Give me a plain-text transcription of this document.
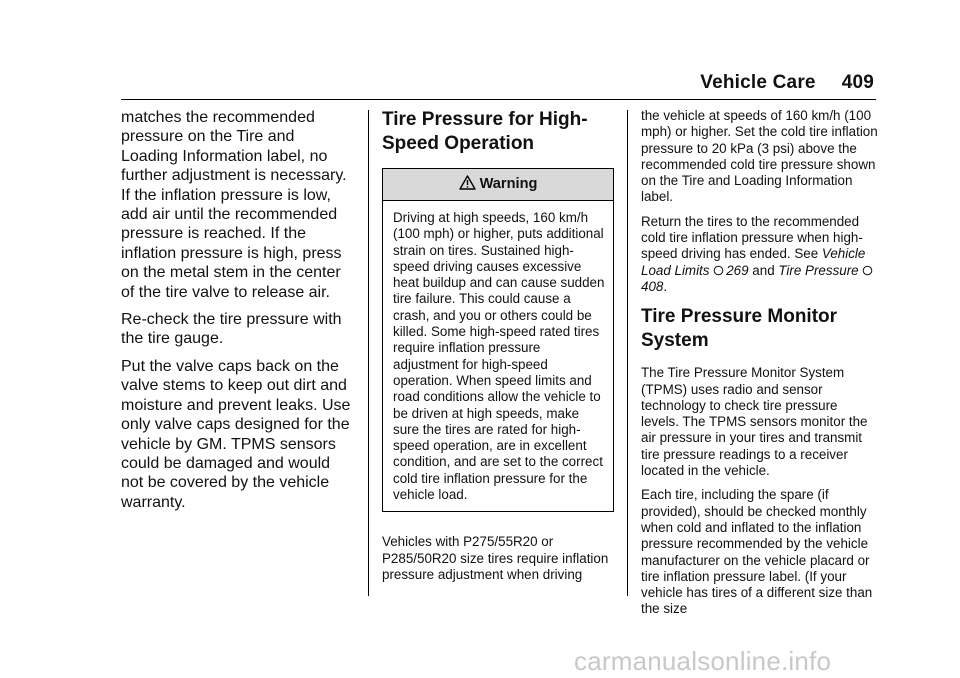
Vehicle Care 409

matches the recommended pressure on the Tire and Loading Information label, no further adjustment is necessary. If the inflation pressure is low, add air until the recommended pressure is reached. If the inflation pressure is high, press on the metal stem in the center of the tire valve to release air.

Re-check the tire pressure with the tire gauge.

Put the valve caps back on the valve stems to keep out dirt and moisture and prevent leaks. Use only valve caps designed for the vehicle by GM. TPMS sensors could be damaged and would not be covered by the vehicle warranty.

Tire Pressure for High-Speed Operation
Warning
Driving at high speeds, 160 km/h (100 mph) or higher, puts additional strain on tires. Sustained high-speed driving causes excessive heat buildup and can cause sudden tire failure. This could cause a crash, and you or others could be killed. Some high-speed rated tires require inflation pressure adjustment for high-speed operation. When speed limits and road conditions allow the vehicle to be driven at high speeds, make sure the tires are rated for high-speed operation, are in excellent condition, and are set to the correct cold tire inflation pressure for the vehicle load.

Vehicles with P275/55R20 or P285/50R20 size tires require inflation pressure adjustment when driving

the vehicle at speeds of 160 km/h (100 mph) or higher. Set the cold tire inflation pressure to 20 kPa (3 psi) above the recommended cold tire pressure shown on the Tire and Loading Information label.

Return the tires to the recommended cold tire inflation pressure when high-speed driving has ended. See Vehicle Load Limits 269 and Tire Pressure 408.

Tire Pressure Monitor System

The Tire Pressure Monitor System (TPMS) uses radio and sensor technology to check tire pressure levels. The TPMS sensors monitor the air pressure in your tires and transmit tire pressure readings to a receiver located in the vehicle.

Each tire, including the spare (if provided), should be checked monthly when cold and inflated to the inflation pressure recommended by the vehicle manufacturer on the vehicle placard or tire inflation pressure label. (If your vehicle has tires of a different size than the size

carmanualsonline.info
